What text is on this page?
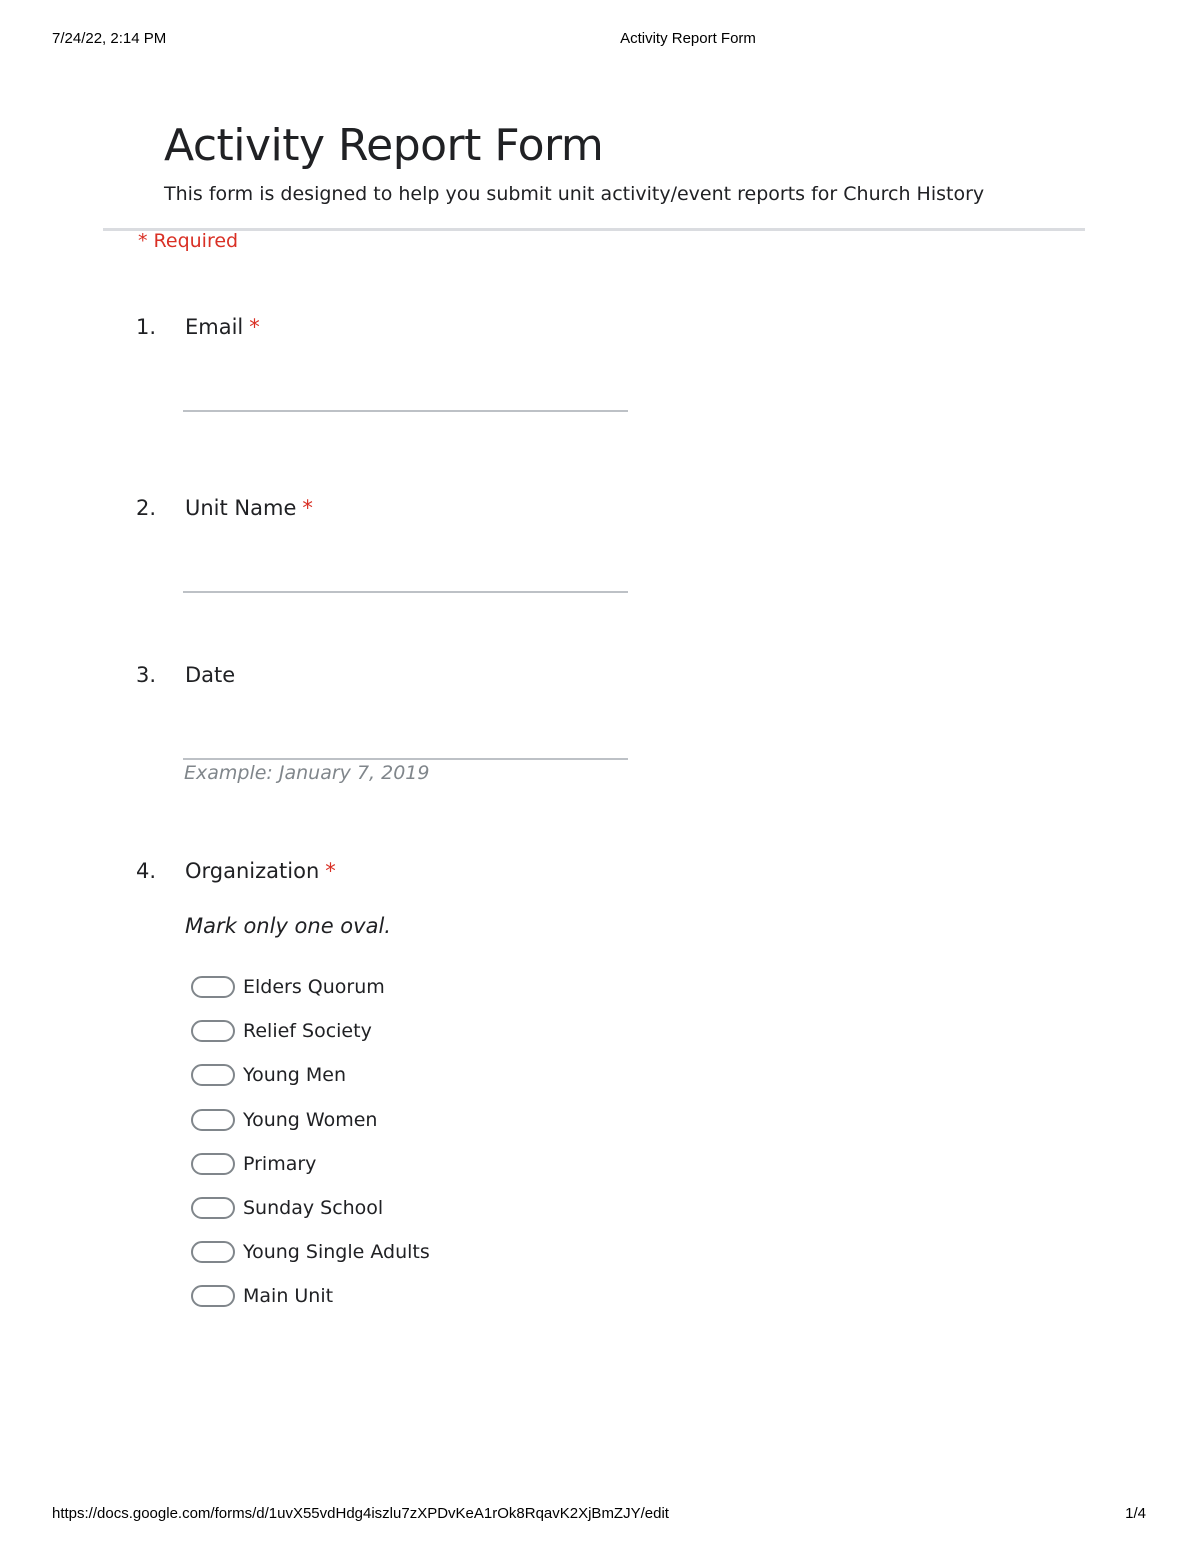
7/24/22, 2:14 PM	Activity Report Form
Activity Report Form
This form is designed to help you submit unit activity/event reports for Church History
* Required
1. Email *
2. Unit Name *
3. Date
Example: January 7, 2019
4. Organization *
Mark only one oval.
Elders Quorum
Relief Society
Young Men
Young Women
Primary
Sunday School
Young Single Adults
Main Unit
https://docs.google.com/forms/d/1uvX55vdHdg4iszlu7zXPDvKeA1rOk8RqavK2XjBmZJY/edit	1/4
